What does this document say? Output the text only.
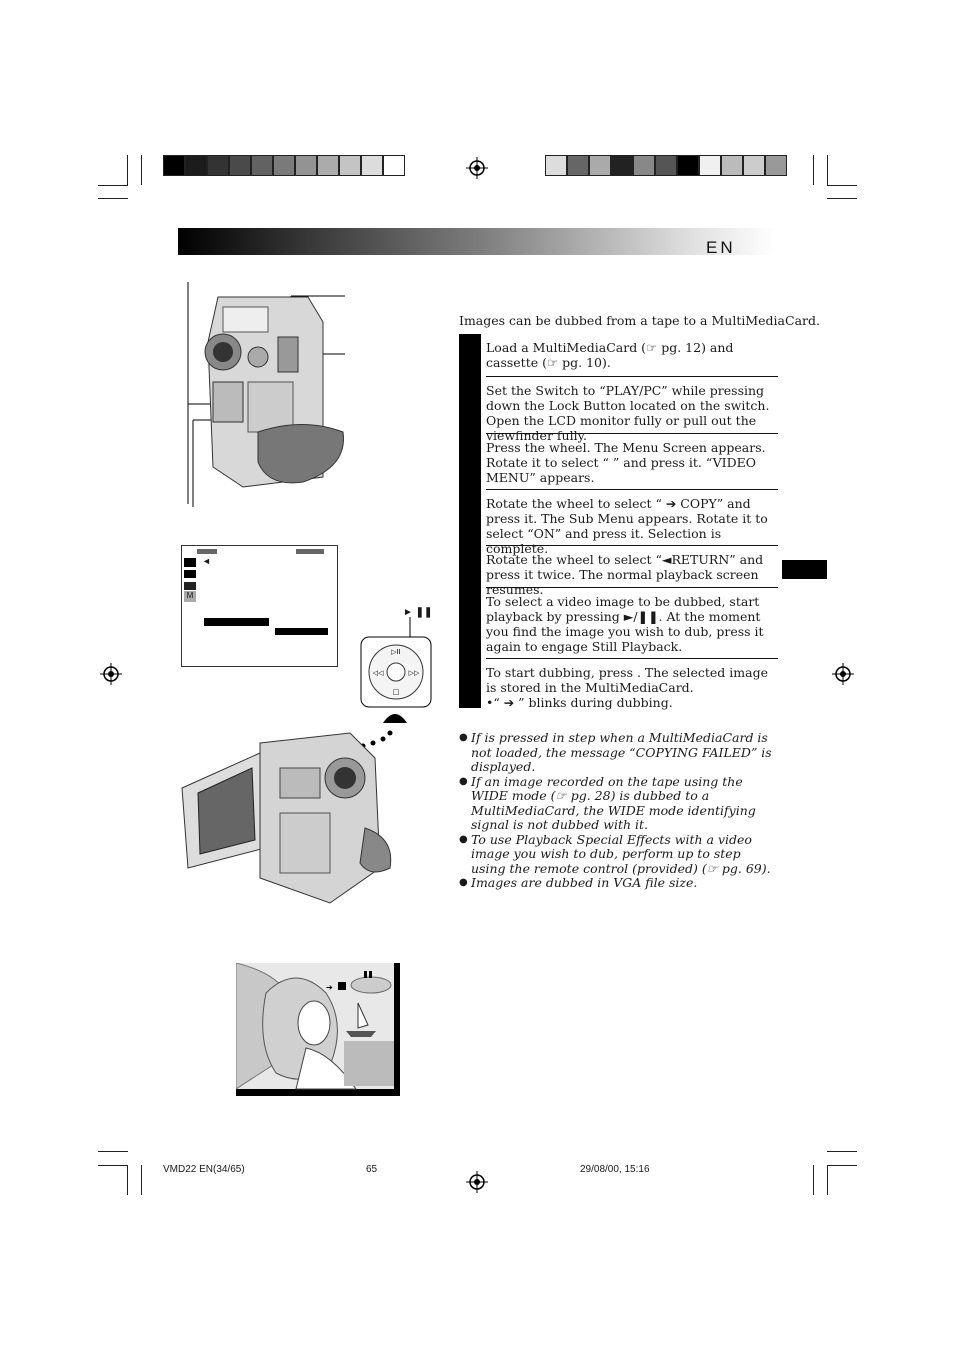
EN
Images can be dubbed from a tape to a MultiMediaCard.
Load a MultiMediaCard (☞ pg. 12) and cassette (☞ pg. 10).
Set the Switch to “PLAY/PC” while pressing down the Lock Button located on the switch. Open the LCD monitor fully or pull out the viewfinder fully.
Press the wheel. The Menu Screen appears. Rotate it to select “ ” and press it. “VIDEO MENU” appears.
Rotate the wheel to select “ ➔ COPY” and press it. The Sub Menu appears. Rotate it to select “ON” and press it. Selection is complete.
Rotate the wheel to select “◄RETURN” and press it twice. The normal playback screen resumes.
To select a video image to be dubbed, start playback by pressing ►/❚❚. At the moment you find the image you wish to dub, press it again to engage Still Playback.
To start dubbing, press . The selected image is stored in the MultiMediaCard.
•“ ➔ ” blinks during dubbing.
◄
M
► ❚❚
▷II
◁◁	▷▷
□
● If is pressed in step when a MultiMediaCard is not loaded, the message “COPYING FAILED” is displayed.
● If an image recorded on the tape using the WIDE mode (☞ pg. 28) is dubbed to a MultiMediaCard, the WIDE mode identifying signal is not dubbed with it.
● To use Playback Special Effects with a video image you wish to dub, perform up to step using the remote control (provided) (☞ pg. 69).
● Images are dubbed in VGA file size.
➔
VMD22 EN(34/65)	65	29/08/00, 15:16
